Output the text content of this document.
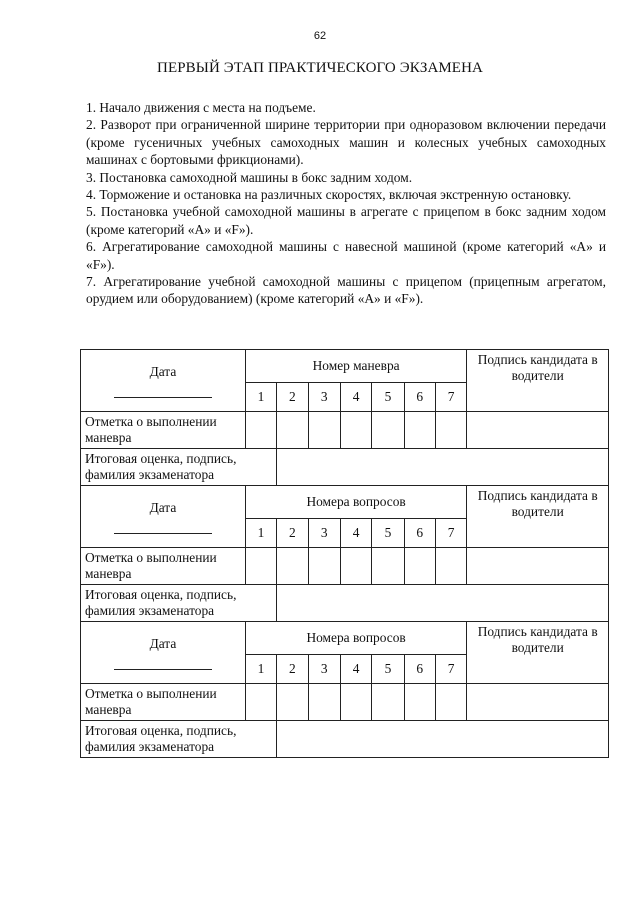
62
ПЕРВЫЙ ЭТАП ПРАКТИЧЕСКОГО ЭКЗАМЕНА

1. Начало движения с места на подъеме.

2. Разворот при ограниченной ширине территории при одноразовом включении передачи (кроме гусеничных учебных самоходных машин и колесных учебных самоходных машинах с бортовыми фрикционами).

3. Постановка самоходной машины в бокс задним ходом.

4. Торможение и остановка на различных скоростях, включая экстренную остановку.

5. Постановка учебной самоходной машины в агрегате с прицепом в бокс задним ходом (кроме категорий «A» и «F»).

6. Агрегатирование самоходной машины с навесной машиной (кроме категорий «A» и «F»).

7. Агрегатирование учебной самоходной машины с прицепом (прицепным агрегатом, орудием или оборудованием) (кроме категорий «A» и «F»).

Дата	Номер маневра							Подпись кандидата в водители
	1	2	3	4	5	6	7	
Отметка о выполнении маневра								
Итоговая оценка, подпись, фамилия экзаменатора								
Дата	Номера вопросов							Подпись кандидата в водители
	1	2	3	4	5	6	7	
Отметка о выполнении маневра								
Итоговая оценка, подпись, фамилия экзаменатора								
Дата	Номера вопросов							Подпись кандидата в водители
	1	2	3	4	5	6	7	
Отметка о выполнении маневра								
Итоговая оценка, подпись, фамилия экзаменатора								
